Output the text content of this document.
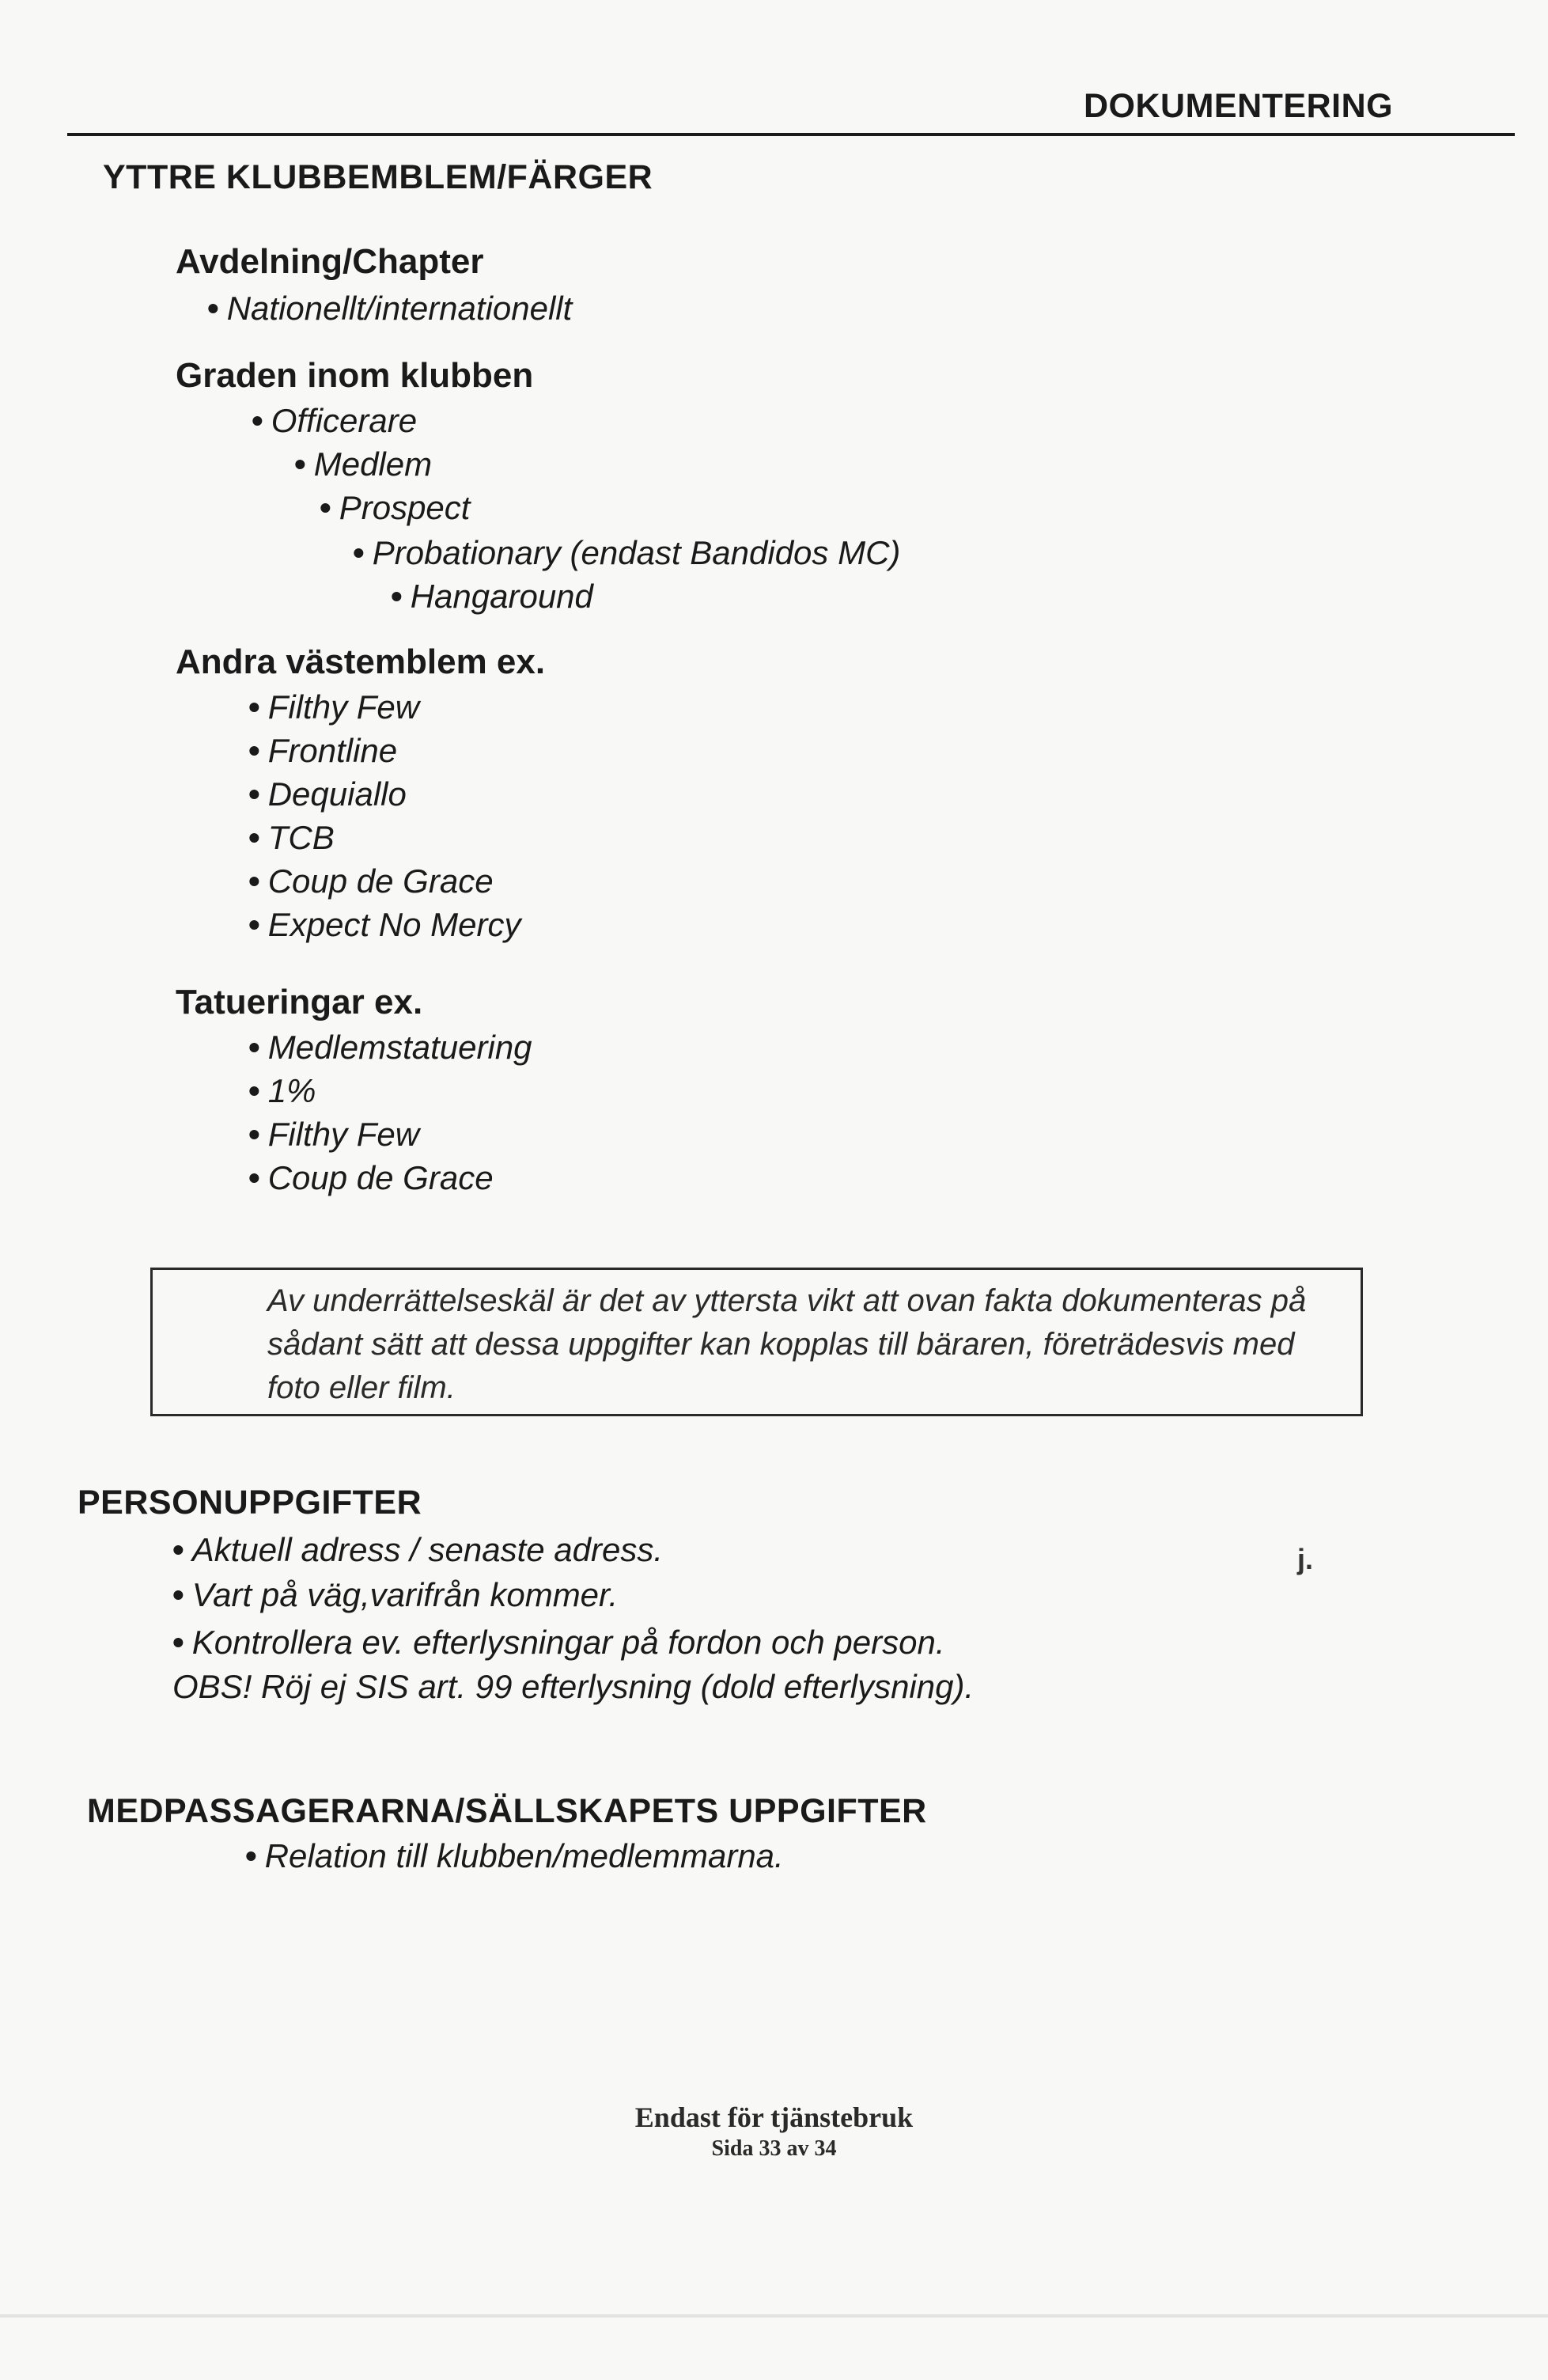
DOKUMENTERING
YTTRE KLUBBEMBLEM/FÄRGER
Avdelning/Chapter
• Nationellt/internationellt
Graden inom klubben
• Officerare
• Medlem
• Prospect
• Probationary (endast Bandidos MC)
• Hangaround
Andra västemblem ex.
• Filthy Few
• Frontline
• Dequiallo
• TCB
• Coup de Grace
• Expect No Mercy
Tatueringar ex.
• Medlemstatuering
• 1%
• Filthy Few
• Coup de Grace
Av underrättelseskäl är det av yttersta vikt att ovan fakta dokumenteras på sådant sätt att dessa uppgifter kan kopplas till bäraren, företrädesvis med foto eller film.
PERSONUPPGIFTER
• Aktuell adress / senaste adress.
• Vart på väg,varifrån kommer.
• Kontrollera ev. efterlysningar på fordon och person.
OBS! Röj ej SIS art. 99 efterlysning (dold efterlysning).
j.
MEDPASSAGERARNA/SÄLLSKAPETS UPPGIFTER
• Relation till klubben/medlemmarna.
Endast för tjänstebruk
Sida 33 av 34
